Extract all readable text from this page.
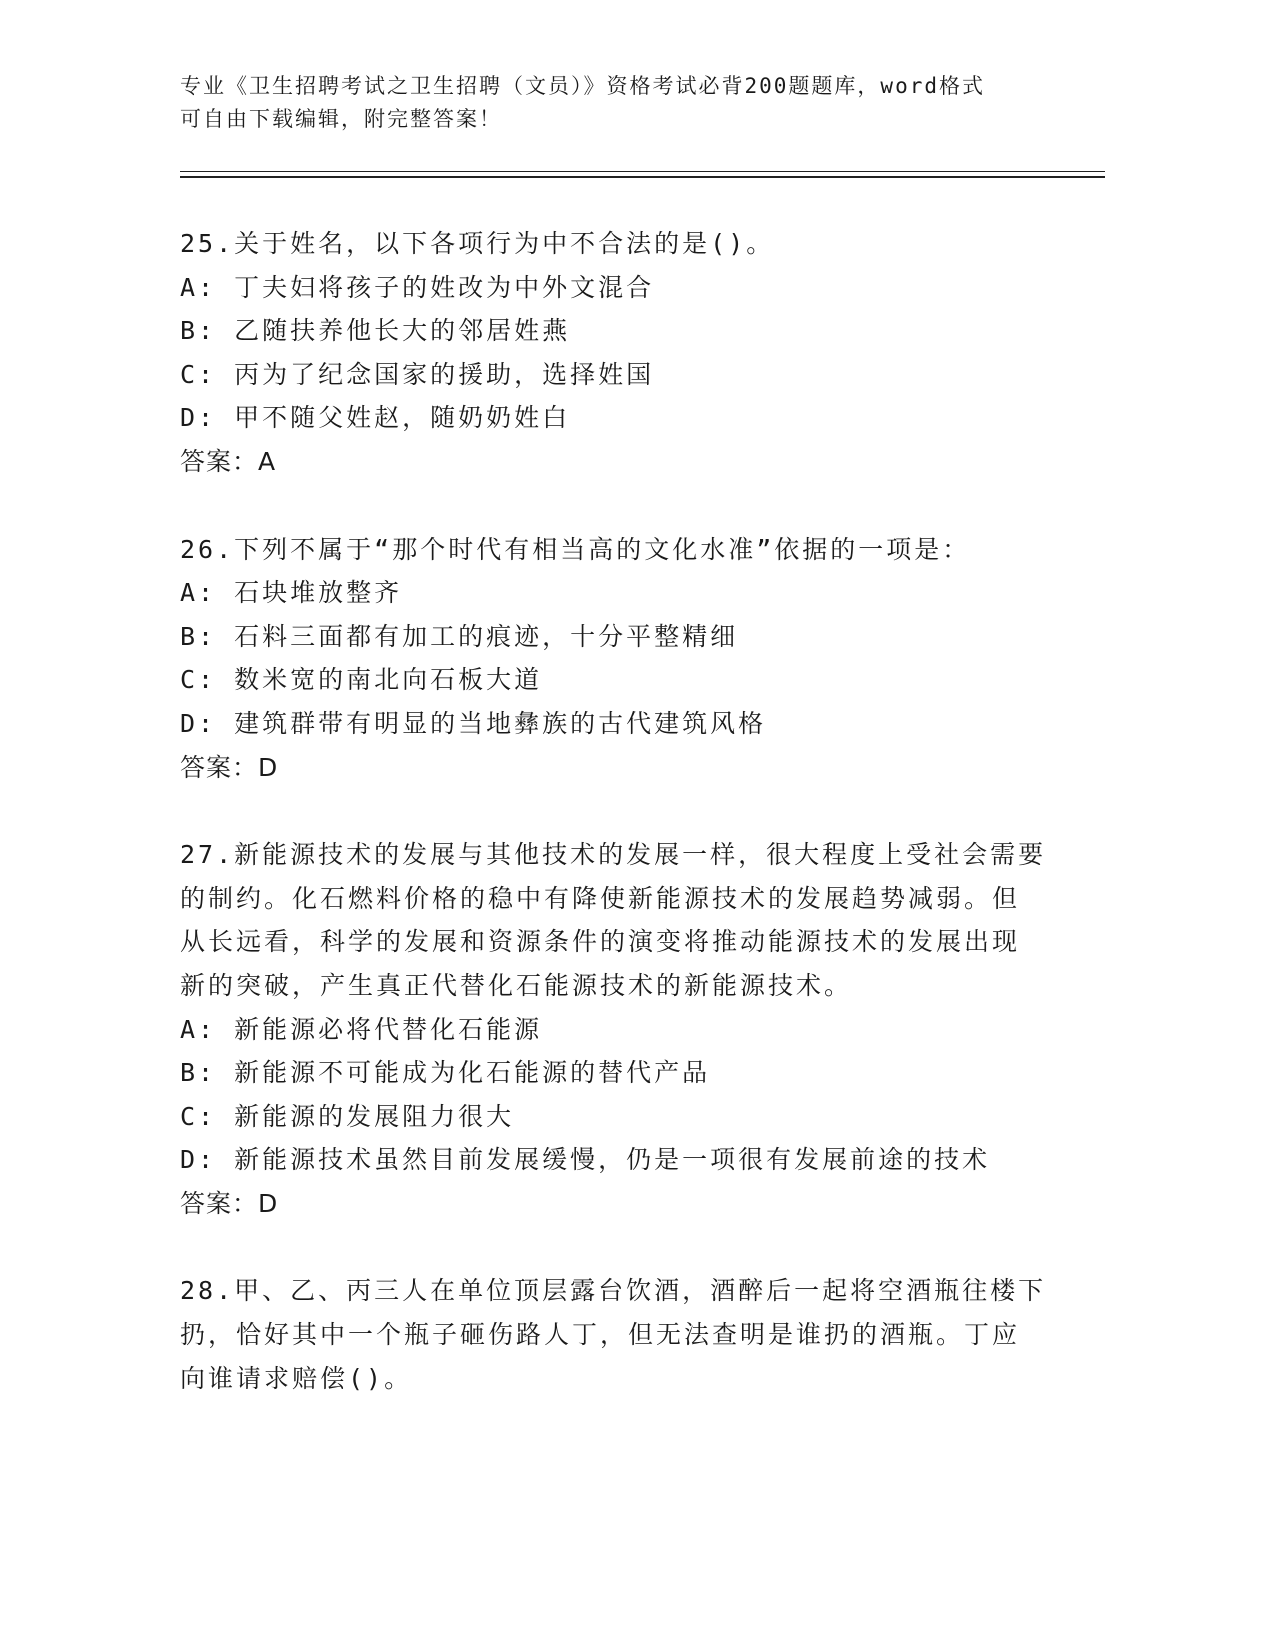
专业《卫生招聘考试之卫生招聘（文员）》资格考试必背200题题库，word格式
可自由下载编辑，附完整答案！
25.关于姓名，以下各项行为中不合法的是()。
A: 丁夫妇将孩子的姓改为中外文混合
B: 乙随扶养他长大的邻居姓燕
C: 丙为了纪念国家的援助，选择姓国
D: 甲不随父姓赵，随奶奶姓白
答案：A
26.下列不属于“那个时代有相当高的文化水准”依据的一项是：
A: 石块堆放整齐
B: 石料三面都有加工的痕迹，十分平整精细
C: 数米宽的南北向石板大道
D: 建筑群带有明显的当地彝族的古代建筑风格
答案：D
27.新能源技术的发展与其他技术的发展一样，很大程度上受社会需要
的制约。化石燃料价格的稳中有降使新能源技术的发展趋势减弱。但
从长远看，科学的发展和资源条件的演变将推动能源技术的发展出现
新的突破，产生真正代替化石能源技术的新能源技术。
A: 新能源必将代替化石能源
B: 新能源不可能成为化石能源的替代产品
C: 新能源的发展阻力很大
D: 新能源技术虽然目前发展缓慢，仍是一项很有发展前途的技术
答案：D
28.甲、乙、丙三人在单位顶层露台饮酒，酒醉后一起将空酒瓶往楼下
扔，恰好其中一个瓶子砸伤路人丁，但无法查明是谁扔的酒瓶。丁应
向谁请求赔偿()。
